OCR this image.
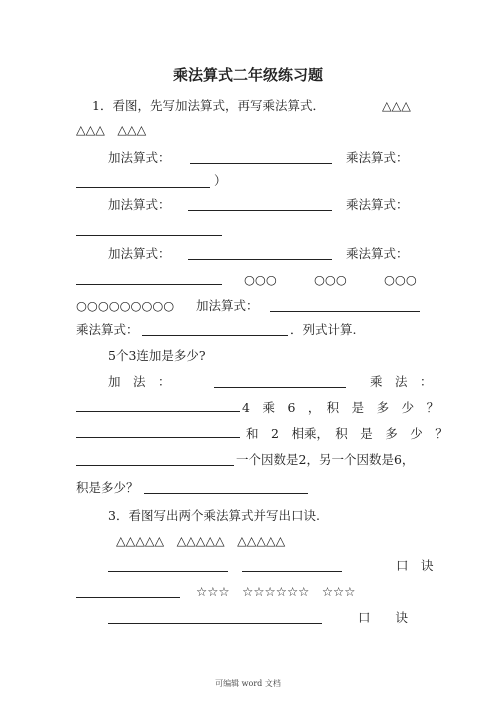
乘法算式二年级练习题
1．看图，先写加法算式，再写乘法算式．	△△△
△△△　△△△
加法算式：	乘法算式：
）
加法算式：	乘法算式：
加法算式：	乘法算式：
○○○	○○○	○○○
○○○○○○○○○ 加法算式：
乘法算式：	．列式计算.
5个3连加是多少?
加　法　：	乘　法　：
4　乘　6　，　积　是　多　少　？
和　2　相乘，　积　是　多　少　？
一个因数是2，另一个因数是6，
积是多少？
3．看图写出两个乘法算式并写出口诀.
△△△△△　△△△△△　△△△△△
口　诀
☆☆☆　☆☆☆☆☆☆　☆☆☆
口　　诀
可编辑 word 文档
